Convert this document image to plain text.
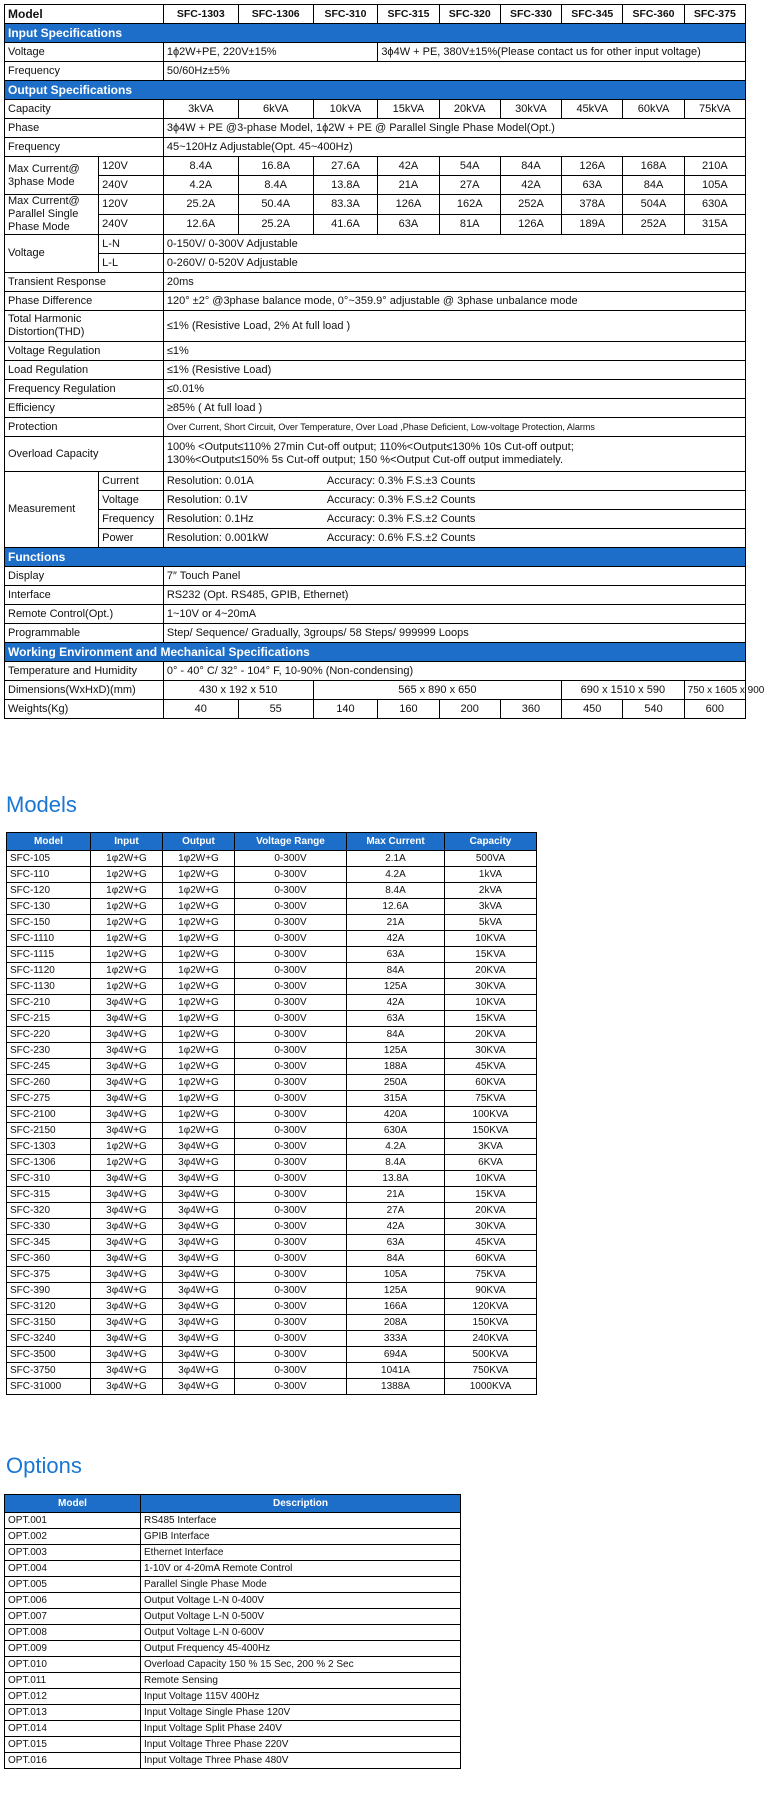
Model		SFC-1303	SFC-1306	SFC-310	SFC-315	SFC-320	SFC-330	SFC-345	SFC-360	SFC-375
Input Specifications										
Voltage		1ϕ2W+PE, 220V±15%			3ϕ4W + PE, 380V±15%(Please contact us for other input voltage)					
Frequency		50/60Hz±5%								
Output Specifications										
Capacity		3kVA	6kVA	10kVA	15kVA	20kVA	30kVA	45kVA	60kVA	75kVA
Phase		3ϕ4W + PE @3-phase Model, 1ϕ2W + PE @ Parallel Single Phase Model(Opt.)								
Frequency		45~120Hz Adjustable(Opt. 45~400Hz)								
Max Current@ 3phase Mode	120V	8.4A	16.8A	27.6A	42A	54A	84A	126A	168A	210A
	240V	4.2A	8.4A	13.8A	21A	27A	42A	63A	84A	105A
Max Current@ Parallel Single Phase Mode	120V	25.2A	50.4A	83.3A	126A	162A	252A	378A	504A	630A
	240V	12.6A	25.2A	41.6A	63A	81A	126A	189A	252A	315A
Voltage	L-N	0-150V/ 0-300V Adjustable								
	L-L	0-260V/ 0-520V Adjustable								
Transient Response		20ms								
Phase Difference		120° ±2° @3phase balance mode, 0°~359.9° adjustable @ 3phase unbalance mode								
Total Harmonic Distortion(THD)		≤1% (Resistive Load, 2% At full load )								
Voltage Regulation		≤1%								
Load Regulation		≤1% (Resistive Load)								
Frequency Regulation		≤0.01%								
Efficiency		≥85% ( At full load )								
Protection		Over Current, Short Circuit, Over Temperature, Over Load ,Phase Deficient, Low-voltage Protection, Alarms								
Overload Capacity		100% <Output≤110% 27min Cut-off output; 110%<Output≤130% 10s Cut-off output;
130%<Output≤150% 5s Cut-off output; 150 %<Output Cut-off output immediately.								

Measurement	Current	Resolution: 0.01A Accuracy: 0.3% F.S.±3 Counts								
	Voltage	Resolution: 0.1V Accuracy: 0.3% F.S.±2 Counts								
	Frequency	Resolution: 0.1Hz Accuracy: 0.3% F.S.±2 Counts								
	Power	Resolution: 0.001kW Accuracy: 0.6% F.S.±2 Counts								
Functions										
Display		7″ Touch Panel								
Interface		RS232 (Opt. RS485, GPIB, Ethernet)								
Remote Control(Opt.)		1~10V or 4~20mA								
Programmable		Step/ Sequence/ Gradually, 3groups/ 58 Steps/ 999999 Loops								
Working Environment and Mechanical Specifications										
Temperature and Humidity		0° - 40° C/ 32° - 104° F, 10-90% (Non-condensing)								
Dimensions(WxHxD)(mm)		430 x 192 x 510		565 x 890 x 650				690 x 1510 x 590		750 x 1605 x 900
Weights(Kg)		40	55	140	160	200	360	450	540	600
Models
Model	Input	Output	Voltage Range	Max Current	Capacity
SFC-105	1φ2W+G	1φ2W+G	0-300V	2.1A	500VA
SFC-110	1φ2W+G	1φ2W+G	0-300V	4.2A	1kVA
SFC-120	1φ2W+G	1φ2W+G	0-300V	8.4A	2kVA
SFC-130	1φ2W+G	1φ2W+G	0-300V	12.6A	3kVA
SFC-150	1φ2W+G	1φ2W+G	0-300V	21A	5kVA
SFC-1110	1φ2W+G	1φ2W+G	0-300V	42A	10KVA
SFC-1115	1φ2W+G	1φ2W+G	0-300V	63A	15KVA
SFC-1120	1φ2W+G	1φ2W+G	0-300V	84A	20KVA
SFC-1130	1φ2W+G	1φ2W+G	0-300V	125A	30KVA
SFC-210	3φ4W+G	1φ2W+G	0-300V	42A	10KVA
SFC-215	3φ4W+G	1φ2W+G	0-300V	63A	15KVA
SFC-220	3φ4W+G	1φ2W+G	0-300V	84A	20KVA
SFC-230	3φ4W+G	1φ2W+G	0-300V	125A	30KVA
SFC-245	3φ4W+G	1φ2W+G	0-300V	188A	45KVA
SFC-260	3φ4W+G	1φ2W+G	0-300V	250A	60KVA
SFC-275	3φ4W+G	1φ2W+G	0-300V	315A	75KVA
SFC-2100	3φ4W+G	1φ2W+G	0-300V	420A	100KVA
SFC-2150	3φ4W+G	1φ2W+G	0-300V	630A	150KVA
SFC-1303	1φ2W+G	3φ4W+G	0-300V	4.2A	3KVA
SFC-1306	1φ2W+G	3φ4W+G	0-300V	8.4A	6KVA
SFC-310	3φ4W+G	3φ4W+G	0-300V	13.8A	10KVA
SFC-315	3φ4W+G	3φ4W+G	0-300V	21A	15KVA
SFC-320	3φ4W+G	3φ4W+G	0-300V	27A	20KVA
SFC-330	3φ4W+G	3φ4W+G	0-300V	42A	30KVA
SFC-345	3φ4W+G	3φ4W+G	0-300V	63A	45KVA
SFC-360	3φ4W+G	3φ4W+G	0-300V	84A	60KVA
SFC-375	3φ4W+G	3φ4W+G	0-300V	105A	75KVA
SFC-390	3φ4W+G	3φ4W+G	0-300V	125A	90KVA
SFC-3120	3φ4W+G	3φ4W+G	0-300V	166A	120KVA
SFC-3150	3φ4W+G	3φ4W+G	0-300V	208A	150KVA
SFC-3240	3φ4W+G	3φ4W+G	0-300V	333A	240KVA
SFC-3500	3φ4W+G	3φ4W+G	0-300V	694A	500KVA
SFC-3750	3φ4W+G	3φ4W+G	0-300V	1041A	750KVA
SFC-31000	3φ4W+G	3φ4W+G	0-300V	1388A	1000KVA
Options
Model	Description
OPT.001	RS485 Interface
OPT.002	GPIB Interface
OPT.003	Ethernet Interface
OPT.004	1-10V or 4-20mA Remote Control
OPT.005	Parallel Single Phase Mode
OPT.006	Output Voltage L-N 0-400V
OPT.007	Output Voltage L-N 0-500V
OPT.008	Output Voltage L-N 0-600V
OPT.009	Output Frequency 45-400Hz
OPT.010	Overload Capacity 150 % 15 Sec, 200 % 2 Sec
OPT.011	Remote Sensing
OPT.012	Input Voltage 115V 400Hz
OPT.013	Input Voltage Single Phase 120V
OPT.014	Input Voltage Split Phase 240V
OPT.015	Input Voltage Three Phase 220V
OPT.016	Input Voltage Three Phase 480V
